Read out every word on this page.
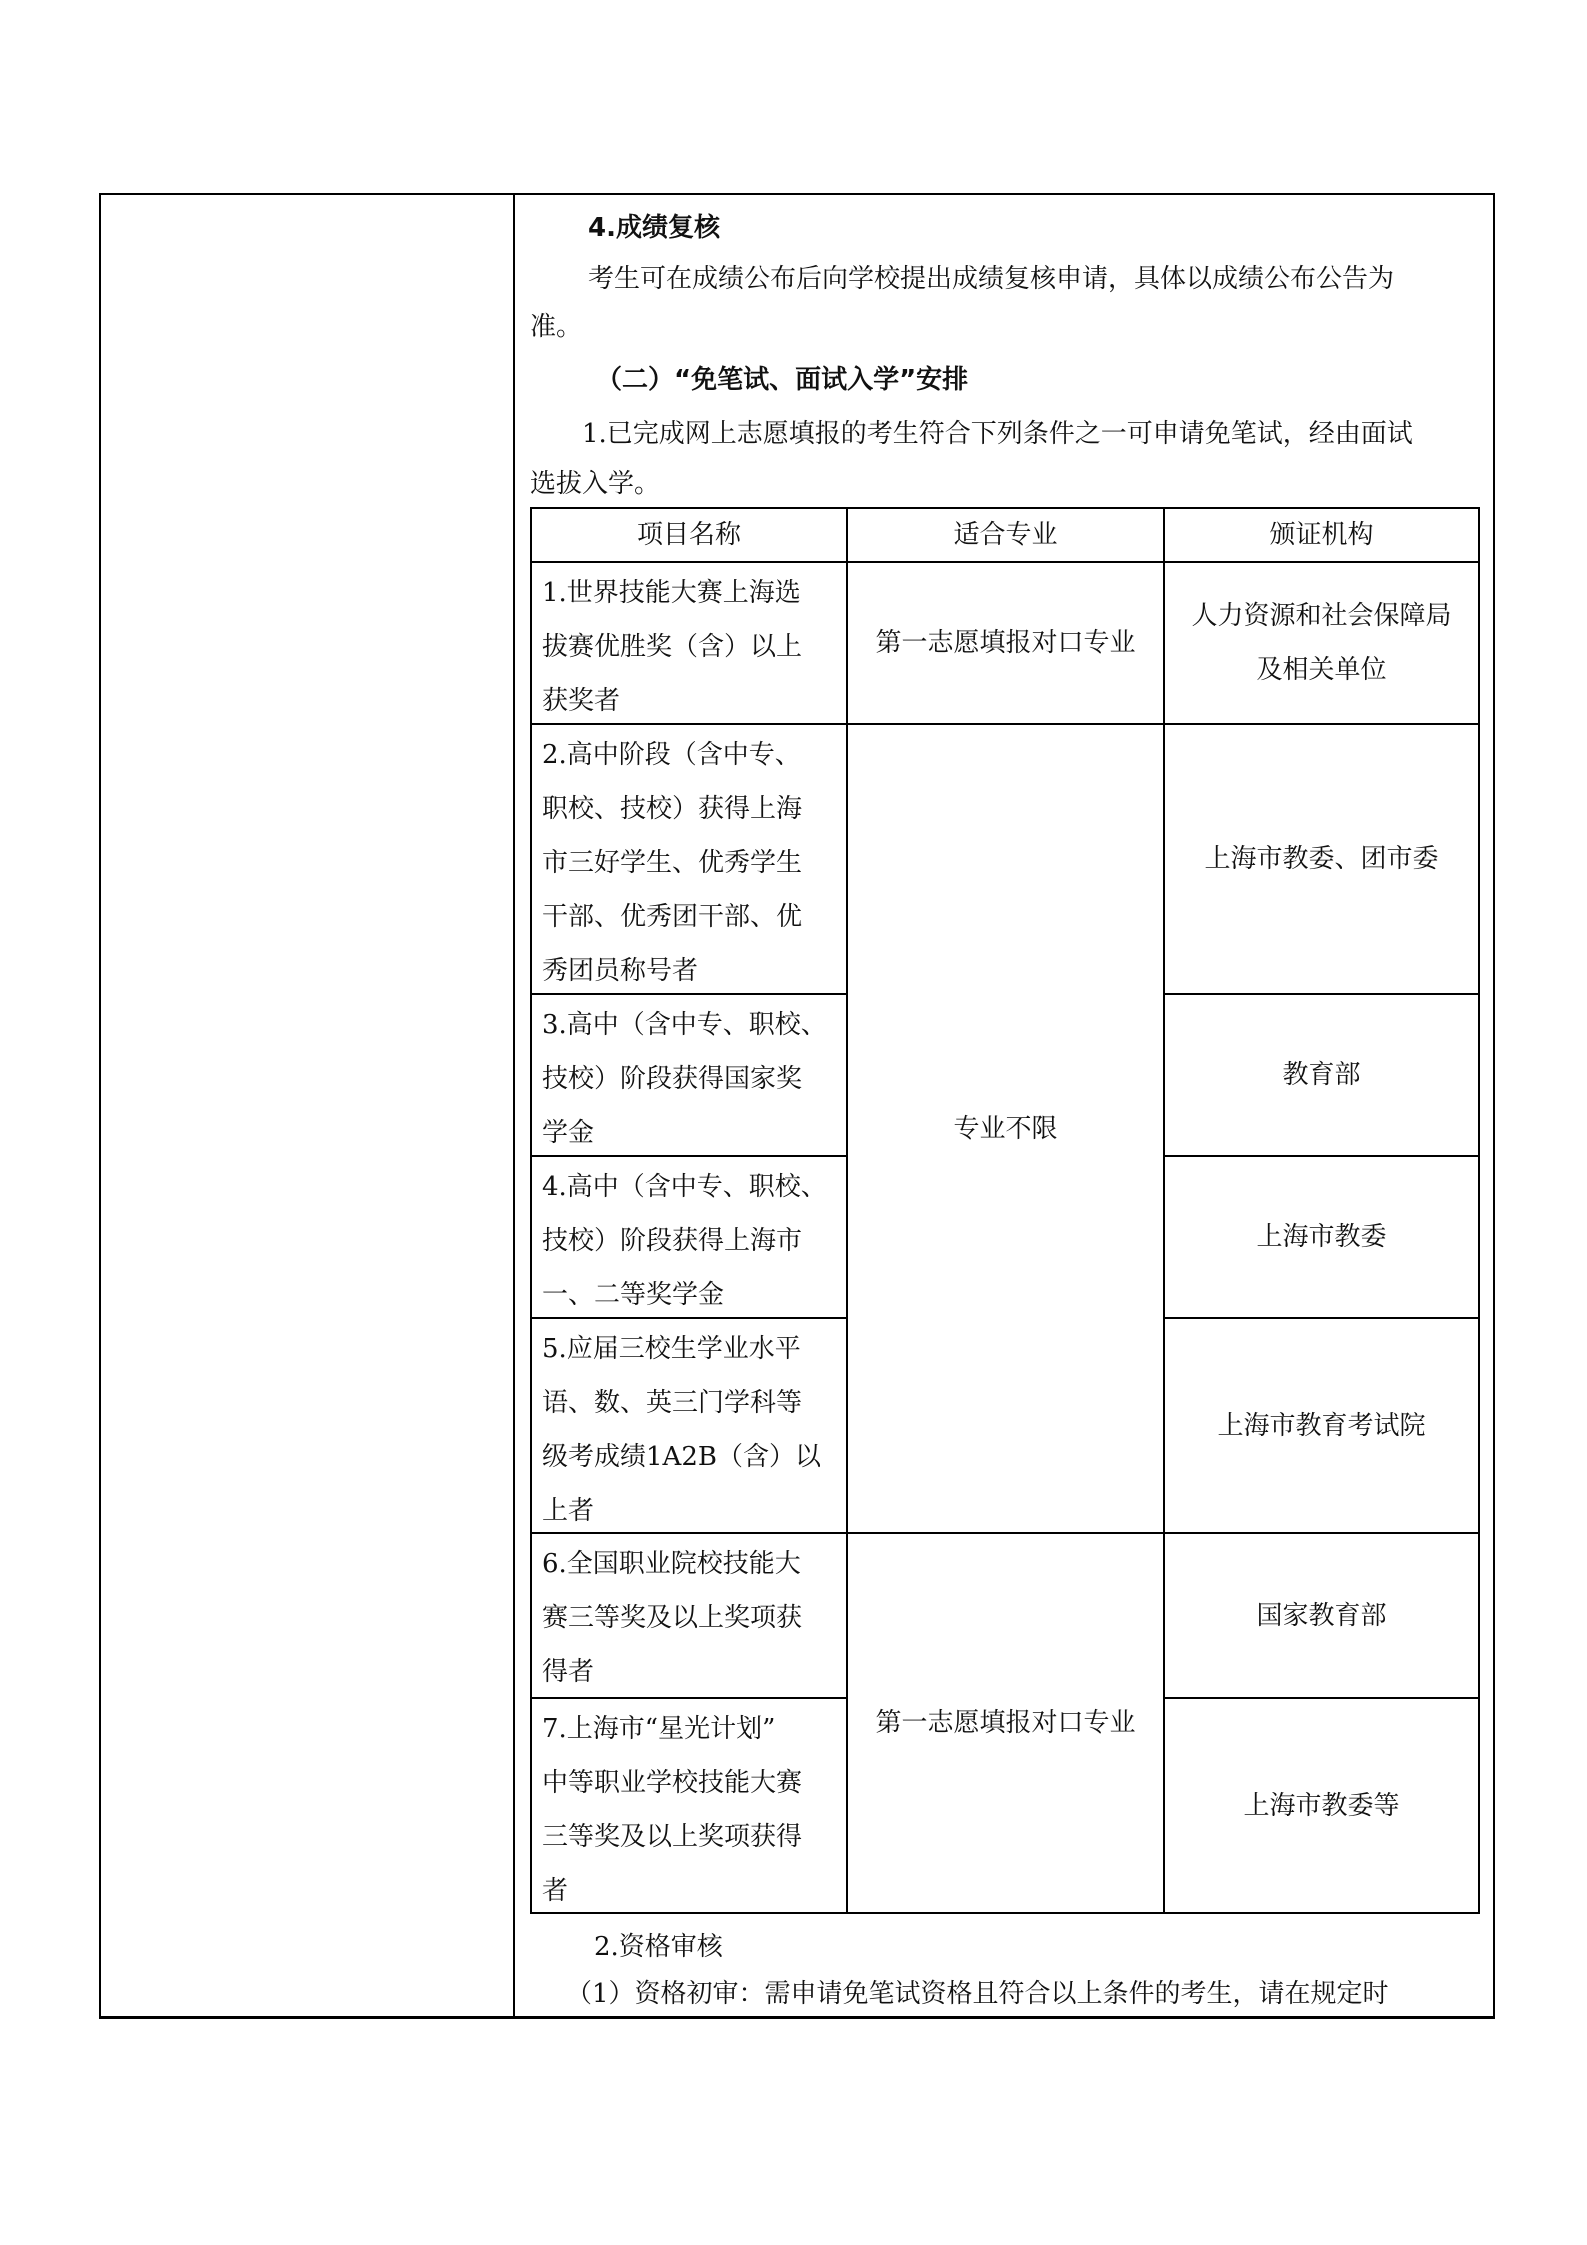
4.成绩复核
考生可在成绩公布后向学校提出成绩复核申请，具体以成绩公布公告为
准。
（二）“免笔试、面试入学”安排
1.已完成网上志愿填报的考生符合下列条件之一可申请免笔试，经由面试
选拔入学。
项目名称	适合专业	颁证机构
1.世界技能大赛上海选
拔赛优胜奖（含）以上
获奖者
第一志愿填报对口专业
人力资源和社会保障局
及相关单位
2.高中阶段（含中专、
职校、技校）获得上海
市三好学生、优秀学生
干部、优秀团干部、优
秀团员称号者
上海市教委、团市委
3.高中（含中专、职校、
技校）阶段获得国家奖
学金
教育部
专业不限
4.高中（含中专、职校、
技校）阶段获得上海市
一、二等奖学金
上海市教委
5.应届三校生学业水平
语、数、英三门学科等
级考成绩1A2B（含）以
上者
上海市教育考试院
6.全国职业院校技能大
赛三等奖及以上奖项获
得者
国家教育部
第一志愿填报对口专业
7.上海市“星光计划”
中等职业学校技能大赛
三等奖及以上奖项获得
者
上海市教委等
2.资格审核
（1）资格初审：需申请免笔试资格且符合以上条件的考生，请在规定时
